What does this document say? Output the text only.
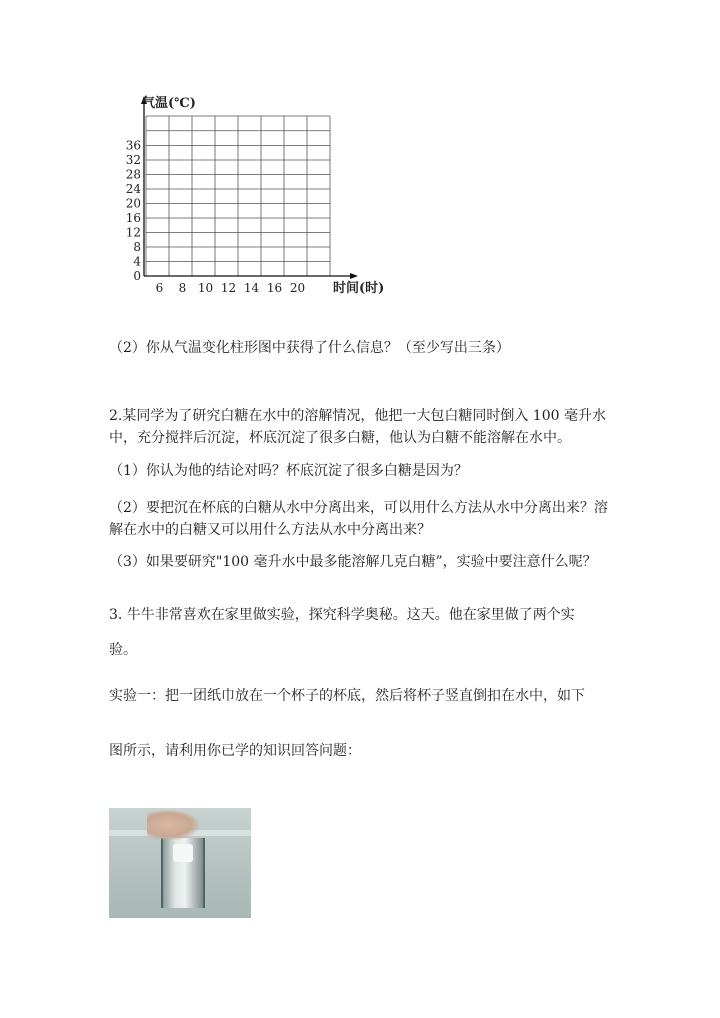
0
4
8
12
16
20
24
28
32
36
6 8 10 12 14 16 20
气温(℃)
时间(时)
（2）你从气温变化柱形图中获得了什么信息？（至少写出三条）
2.某同学为了研究白糖在水中的溶解情况，他把一大包白糖同时倒入 100 毫升水中，充分搅拌后沉淀，杯底沉淀了很多白糖，他认为白糖不能溶解在水中。
（1）你认为他的结论对吗？杯底沉淀了很多白糖是因为？
（2）要把沉在杯底的白糖从水中分离出来，可以用什么方法从水中分离出来？溶解在水中的白糖又可以用什么方法从水中分离出来？
（3）如果要研究"100 毫升水中最多能溶解几克白糖”，实验中要注意什么呢？
3. 牛牛非常喜欢在家里做实验，探究科学奥秘。这天。他在家里做了两个实
验。
实验一：把一团纸巾放在一个杯子的杯底，然后将杯子竖直倒扣在水中，如下
图所示，请利用你已学的知识回答问题：
